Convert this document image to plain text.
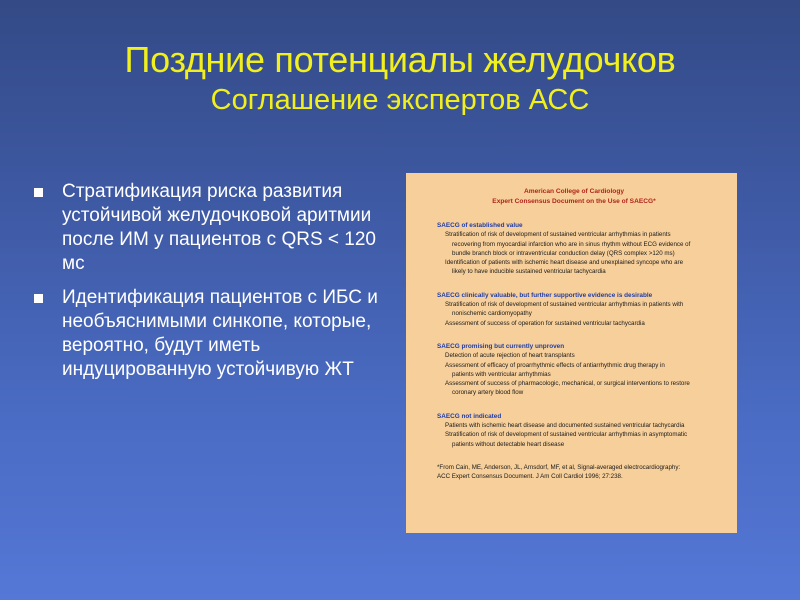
Поздние потенциалы желудочков
Соглашение экспертов АСС
Стратификация риска развития устойчивой желудочковой аритмии после ИМ у пациентов с QRS < 120 мс
Идентификация пациентов с ИБС и необъяснимыми синкопе, которые, вероятно, будут иметь индуцированную устойчивую ЖТ
American College of Cardiology
Expert Consensus Document on the Use of SAECG*
SAECG of established value
Stratification of risk of development of sustained ventricular arrhythmias in patients
recovering from myocardial infarction who are in sinus rhythm without ECG evidence of
bundle branch block or intraventricular conduction delay (QRS complex >120 ms)
Identification of patients with ischemic heart disease and unexplained syncope who are
likely to have inducible sustained ventricular tachycardia
SAECG clinically valuable, but further supportive evidence is desirable
Stratification of risk of development of sustained ventricular arrhythmias in patients with
nonischemic cardiomyopathy
Assessment of success of operation for sustained ventricular tachycardia
SAECG promising but currently unproven
Detection of acute rejection of heart transplants
Assessment of efficacy of proarrhythmic effects of antiarrhythmic drug therapy in
patients with ventricular arrhythmias
Assessment of success of pharmacologic, mechanical, or surgical interventions to restore
coronary artery blood flow
SAECG not indicated
Patients with ischemic heart disease and documented sustained ventricular tachycardia
Stratification of risk of development of sustained ventricular arrhythmias in asymptomatic
patients without detectable heart disease
*From Cain, ME, Anderson, JL, Arnsdorf, MF, et al, Signal-averaged electrocardiography:
ACC Expert Consensus Document. J Am Coll Cardiol 1996; 27:238.
